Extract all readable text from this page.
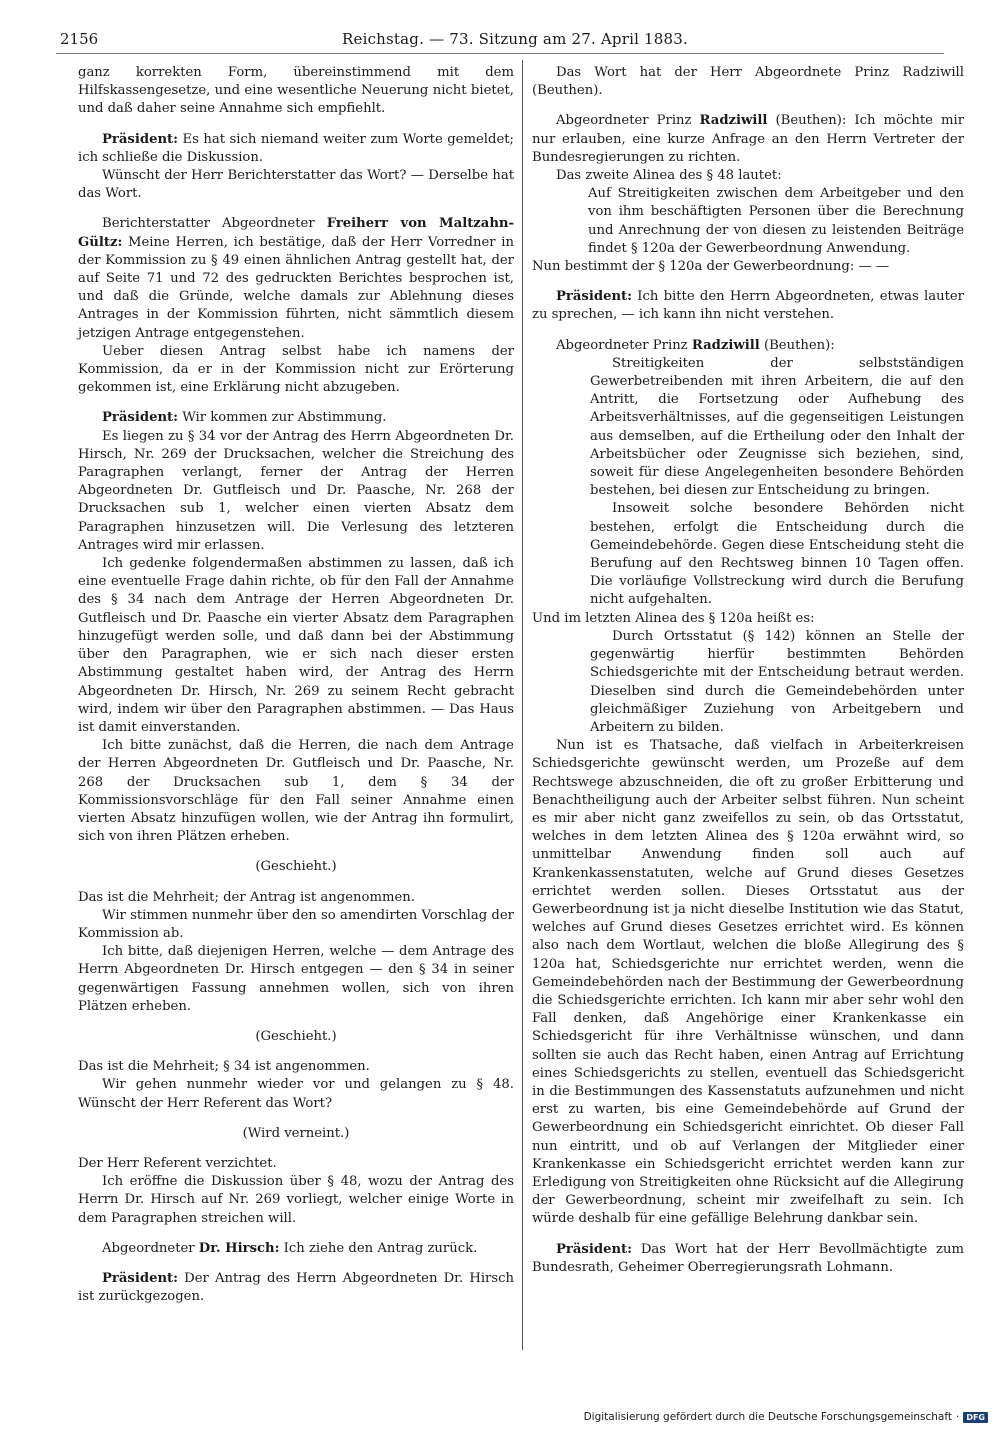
2156	Reichstag. — 73. Sitzung am 27. April 1883.

ganz korrekten Form, übereinstimmend mit dem Hilfskassengesetze, und eine wesentliche Neuerung nicht bietet, und daß daher seine Annahme sich empfiehlt.

Präsident: Es hat sich niemand weiter zum Worte gemeldet; ich schließe die Diskussion.

Wünscht der Herr Berichterstatter das Wort? — Derselbe hat das Wort.

Berichterstatter Abgeordneter Freiherr von Maltzahn-Gültz: Meine Herren, ich bestätige, daß der Herr Vorredner in der Kommission zu § 49 einen ähnlichen Antrag gestellt hat, der auf Seite 71 und 72 des gedruckten Berichtes besprochen ist, und daß die Gründe, welche damals zur Ablehnung dieses Antrages in der Kommission führten, nicht sämmtlich diesem jetzigen Antrage entgegenstehen.

Ueber diesen Antrag selbst habe ich namens der Kommission, da er in der Kommission nicht zur Erörterung gekommen ist, eine Erklärung nicht abzugeben.

Präsident: Wir kommen zur Abstimmung.

Es liegen zu § 34 vor der Antrag des Herrn Abgeordneten Dr. Hirsch, Nr. 269 der Drucksachen, welcher die Streichung des Paragraphen verlangt, ferner der Antrag der Herren Abgeordneten Dr. Gutfleisch und Dr. Paasche, Nr. 268 der Drucksachen sub 1, welcher einen vierten Absatz dem Paragraphen hinzusetzen will. Die Verlesung des letzteren Antrages wird mir erlassen.

Ich gedenke folgendermaßen abstimmen zu lassen, daß ich eine eventuelle Frage dahin richte, ob für den Fall der Annahme des § 34 nach dem Antrage der Herren Abgeordneten Dr. Gutfleisch und Dr. Paasche ein vierter Absatz dem Paragraphen hinzugefügt werden solle, und daß dann bei der Abstimmung über den Paragraphen, wie er sich nach dieser ersten Abstimmung gestaltet haben wird, der Antrag des Herrn Abgeordneten Dr. Hirsch, Nr. 269 zu seinem Recht gebracht wird, indem wir über den Paragraphen abstimmen. — Das Haus ist damit einverstanden.

Ich bitte zunächst, daß die Herren, die nach dem Antrage der Herren Abgeordneten Dr. Gutfleisch und Dr. Paasche, Nr. 268 der Drucksachen sub 1, dem § 34 der Kommissionsvorschläge für den Fall seiner Annahme einen vierten Absatz hinzufügen wollen, wie der Antrag ihn formulirt, sich von ihren Plätzen erheben.

(Geschieht.)

Das ist die Mehrheit; der Antrag ist angenommen.

Wir stimmen nunmehr über den so amendirten Vorschlag der Kommission ab.

Ich bitte, daß diejenigen Herren, welche — dem Antrage des Herrn Abgeordneten Dr. Hirsch entgegen — den § 34 in seiner gegenwärtigen Fassung annehmen wollen, sich von ihren Plätzen erheben.

(Geschieht.)

Das ist die Mehrheit; § 34 ist angenommen.

Wir gehen nunmehr wieder vor und gelangen zu § 48. Wünscht der Herr Referent das Wort?

(Wird verneint.)

Der Herr Referent verzichtet.

Ich eröffne die Diskussion über § 48, wozu der Antrag des Herrn Dr. Hirsch auf Nr. 269 vorliegt, welcher einige Worte in dem Paragraphen streichen will.

Abgeordneter Dr. Hirsch: Ich ziehe den Antrag zurück.

Präsident: Der Antrag des Herrn Abgeordneten Dr. Hirsch ist zurückgezogen.

Das Wort hat der Herr Abgeordnete Prinz Radziwill (Beuthen).

Abgeordneter Prinz Radziwill (Beuthen): Ich möchte mir nur erlauben, eine kurze Anfrage an den Herrn Vertreter der Bundesregierungen zu richten.

Das zweite Alinea des § 48 lautet:

Auf Streitigkeiten zwischen dem Arbeitgeber und den von ihm beschäftigten Personen über die Berechnung und Anrechnung der von diesen zu leistenden Beiträge findet § 120a der Gewerbeordnung Anwendung.

Nun bestimmt der § 120a der Gewerbeordnung: — —

Präsident: Ich bitte den Herrn Abgeordneten, etwas lauter zu sprechen, — ich kann ihn nicht verstehen.

Abgeordneter Prinz Radziwill (Beuthen):

Streitigkeiten der selbstständigen Gewerbetreibenden mit ihren Arbeitern, die auf den Antritt, die Fortsetzung oder Aufhebung des Arbeitsverhältnisses, auf die gegenseitigen Leistungen aus demselben, auf die Ertheilung oder den Inhalt der Arbeitsbücher oder Zeugnisse sich beziehen, sind, soweit für diese Angelegenheiten besondere Behörden bestehen, bei diesen zur Entscheidung zu bringen.

Insoweit solche besondere Behörden nicht bestehen, erfolgt die Entscheidung durch die Gemeindebehörde. Gegen diese Entscheidung steht die Berufung auf den Rechtsweg binnen 10 Tagen offen. Die vorläufige Vollstreckung wird durch die Berufung nicht aufgehalten.

Und im letzten Alinea des § 120a heißt es:

Durch Ortsstatut (§ 142) können an Stelle der gegenwärtig hierfür bestimmten Behörden Schiedsgerichte mit der Entscheidung betraut werden. Dieselben sind durch die Gemeindebehörden unter gleichmäßiger Zuziehung von Arbeitgebern und Arbeitern zu bilden.

Nun ist es Thatsache, daß vielfach in Arbeiterkreisen Schiedsgerichte gewünscht werden, um Prozeße auf dem Rechtswege abzuschneiden, die oft zu großer Erbitterung und Benachtheiligung auch der Arbeiter selbst führen. Nun scheint es mir aber nicht ganz zweifellos zu sein, ob das Ortsstatut, welches in dem letzten Alinea des § 120a erwähnt wird, so unmittelbar Anwendung finden soll auch auf Krankenkassenstatuten, welche auf Grund dieses Gesetzes errichtet werden sollen. Dieses Ortsstatut aus der Gewerbeordnung ist ja nicht dieselbe Institution wie das Statut, welches auf Grund dieses Gesetzes errichtet wird. Es können also nach dem Wortlaut, welchen die bloße Allegirung des § 120a hat, Schiedsgerichte nur errichtet werden, wenn die Gemeindebehörden nach der Bestimmung der Gewerbeordnung die Schiedsgerichte errichten. Ich kann mir aber sehr wohl den Fall denken, daß Angehörige einer Krankenkasse ein Schiedsgericht für ihre Verhältnisse wünschen, und dann sollten sie auch das Recht haben, einen Antrag auf Errichtung eines Schiedsgerichts zu stellen, eventuell das Schiedsgericht in die Bestimmungen des Kassenstatuts aufzunehmen und nicht erst zu warten, bis eine Gemeindebehörde auf Grund der Gewerbeordnung ein Schiedsgericht einrichtet. Ob dieser Fall nun eintritt, und ob auf Verlangen der Mitglieder einer Krankenkasse ein Schiedsgericht errichtet werden kann zur Erledigung von Streitigkeiten ohne Rücksicht auf die Allegirung der Gewerbeordnung, scheint mir zweifelhaft zu sein. Ich würde deshalb für eine gefällige Belehrung dankbar sein.

Präsident: Das Wort hat der Herr Bevollmächtigte zum Bundesrath, Geheimer Oberregierungsrath Lohmann.

Digitalisierung gefördert durch die Deutsche Forschungsgemeinschaft · DFG
